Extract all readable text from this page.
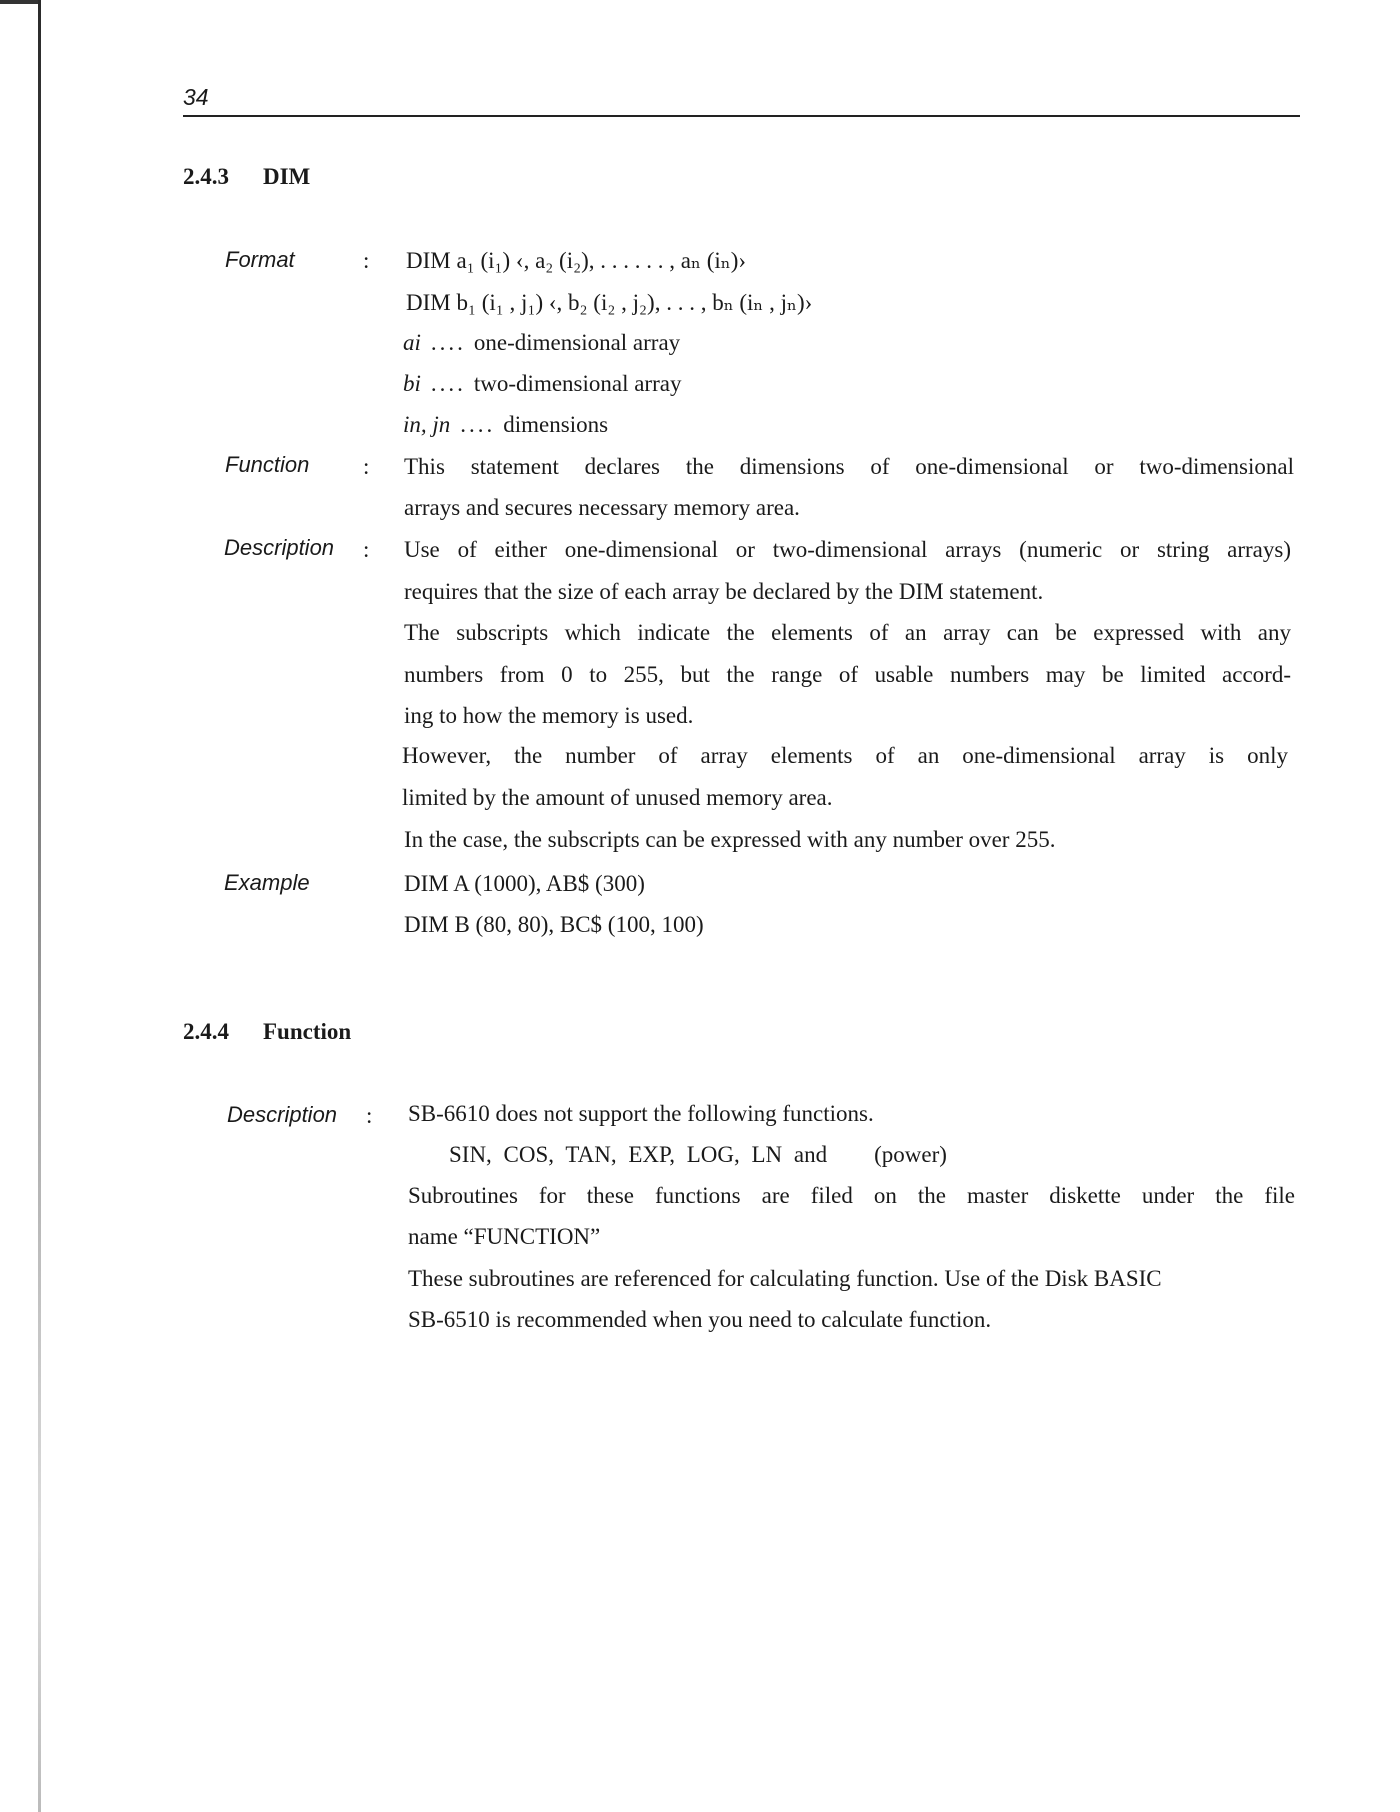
34
2.4.3 DIM
Format	: DIM a₁ (i₁) ‹, a₂ (i₂), . . . . . . , aₙ (iₙ)›
DIM b₁ (i₁ , j₁) ‹, b₂ (i₂ , j₂), . . . , bₙ (iₙ , jₙ)›
ai .... one-dimensional array
bi .... two-dimensional array
in, jn .... dimensions
Function : This statement declares the dimensions of one-dimensional or two-dimensional
arrays and secures necessary memory area.
Description : Use of either one-dimensional or two-dimensional arrays (numeric or string arrays)
requires that the size of each array be declared by the DIM statement.
The subscripts which indicate the elements of an array can be expressed with any
numbers from 0 to 255, but the range of usable numbers may be limited accord-
ing to how the memory is used.
However, the number of array elements of an one-dimensional array is only
limited by the amount of unused memory area.
In the case, the subscripts can be expressed with any number over 255.
Example	DIM A (1000), AB$ (300)
DIM B (80, 80), BC$ (100, 100)
2.4.4 Function
Description : SB-6610 does not support the following functions.
SIN, COS, TAN, EXP, LOG, LN and    (power)
Subroutines for these functions are filed on the master diskette under the file
name “FUNCTION”
These subroutines are referenced for calculating function. Use of the Disk BASIC
SB-6510 is recommended when you need to calculate function.
